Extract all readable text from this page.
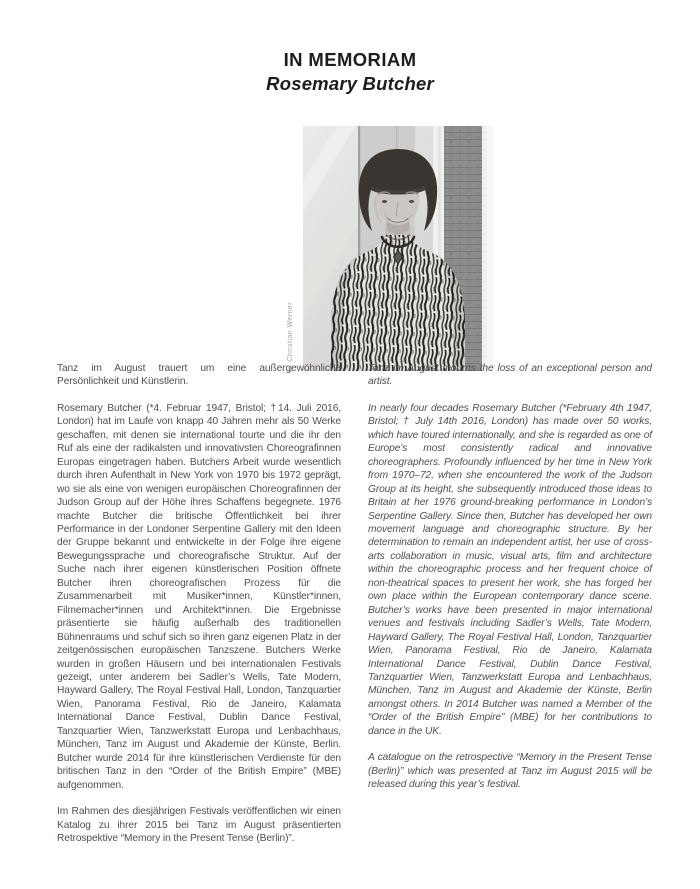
IN MEMORIAM
Rosemary Butcher
© Christian Werner

Tanz im August trauert um eine außergewöhnliche Persönlichkeit und Künstlerin.

Rosemary Butcher (*4. Februar 1947, Bristol; †14. Juli 2016, London) hat im Laufe von knapp 40 Jahren mehr als 50 Werke geschaffen, mit denen sie international tourte und die ihr den Ruf als eine der radikalsten und innovativsten Choreografinnen Europas eingetragen haben. Butchers Arbeit wurde wesentlich durch ihren Aufenthalt in New York von 1970 bis 1972 geprägt, wo sie als eine von wenigen europäischen Choreografinnen der Judson Group auf der Höhe ihres Schaffens begegnete. 1976 machte Butcher die britische Öffentlichkeit bei ihrer Performance in der Londoner Serpentine Gallery mit den Ideen der Gruppe bekannt und entwickelte in der Folge ihre eigene Bewegungssprache und choreografische Struktur. Auf der Suche nach ihrer eigenen künstlerischen Position öffnete Butcher ihren choreografischen Prozess für die Zusammenarbeit mit Musiker*innen, Künstler*innen, Filmemacher*innen und Architekt*innen. Die Ergebnisse präsentierte sie häufig außerhalb des traditionellen Bühnenraums und schuf sich so ihren ganz eigenen Platz in der zeitgenössischen europäischen Tanzszene. Butchers Werke wurden in großen Häusern und bei internationalen Festivals gezeigt, unter anderem bei Sadler’s Wells, Tate Modern, Hayward Gallery, The Royal Festival Hall, London, Tanzquartier Wien, Panorama Festival, Rio de Janeiro, Kalamata International Dance Festival, Dublin Dance Festival, Tanzquartier Wien, Tanzwerkstatt Europa und Lenbachhaus, München, Tanz im August und Akademie der Künste, Berlin. Butcher wurde 2014 für ihre künstlerischen Verdienste für den britischen Tanz in den “Order of the British Empire” (MBE) aufgenommen.

Im Rahmen des diesjährigen Festivals veröffentlichen wir einen Katalog zu ihrer 2015 bei Tanz im August präsentierten Retrospektive “Memory in the Present Tense (Berlin)”.

Tanz im August mourns the loss of an exceptional person and artist.

In nearly four decades Rosemary Butcher (*February 4th 1947, Bristol; † July 14th 2016, London) has made over 50 works, which have toured internationally, and she is regarded as one of Europe’s most consistently radical and innovative choreographers. Profoundly influenced by her time in New York from 1970–72, when she encountered the work of the Judson Group at its height, she subsequently introduced those ideas to Britain at her 1976 ground-breaking performance in London’s Serpentine Gallery. Since then, Butcher has developed her own movement language and choreographic structure. By her determination to remain an independent artist, her use of cross-arts collaboration in music, visual arts, film and architecture within the choreographic process and her frequent choice of non-theatrical spaces to present her work, she has forged her own place within the European contemporary dance scene. Butcher’s works have been presented in major international venues and festivals including Sadler’s Wells, Tate Modern, Hayward Gallery, The Royal Festival Hall, London, Tanzquartier Wien, Panorama Festival, Rio de Janeiro, Kalamata International Dance Festival, Dublin Dance Festival, Tanzquartier Wien, Tanzwerkstatt Europa and Lenbachhaus, München, Tanz im August and Akademie der Künste, Berlin amongst others. In 2014 Butcher was named a Member of the “Order of the British Empire” (MBE) for her contributions to dance in the UK.

A catalogue on the retrospective “Memory in the Present Tense (Berlin)” which was presented at Tanz im August 2015 will be released during this year’s festival.
